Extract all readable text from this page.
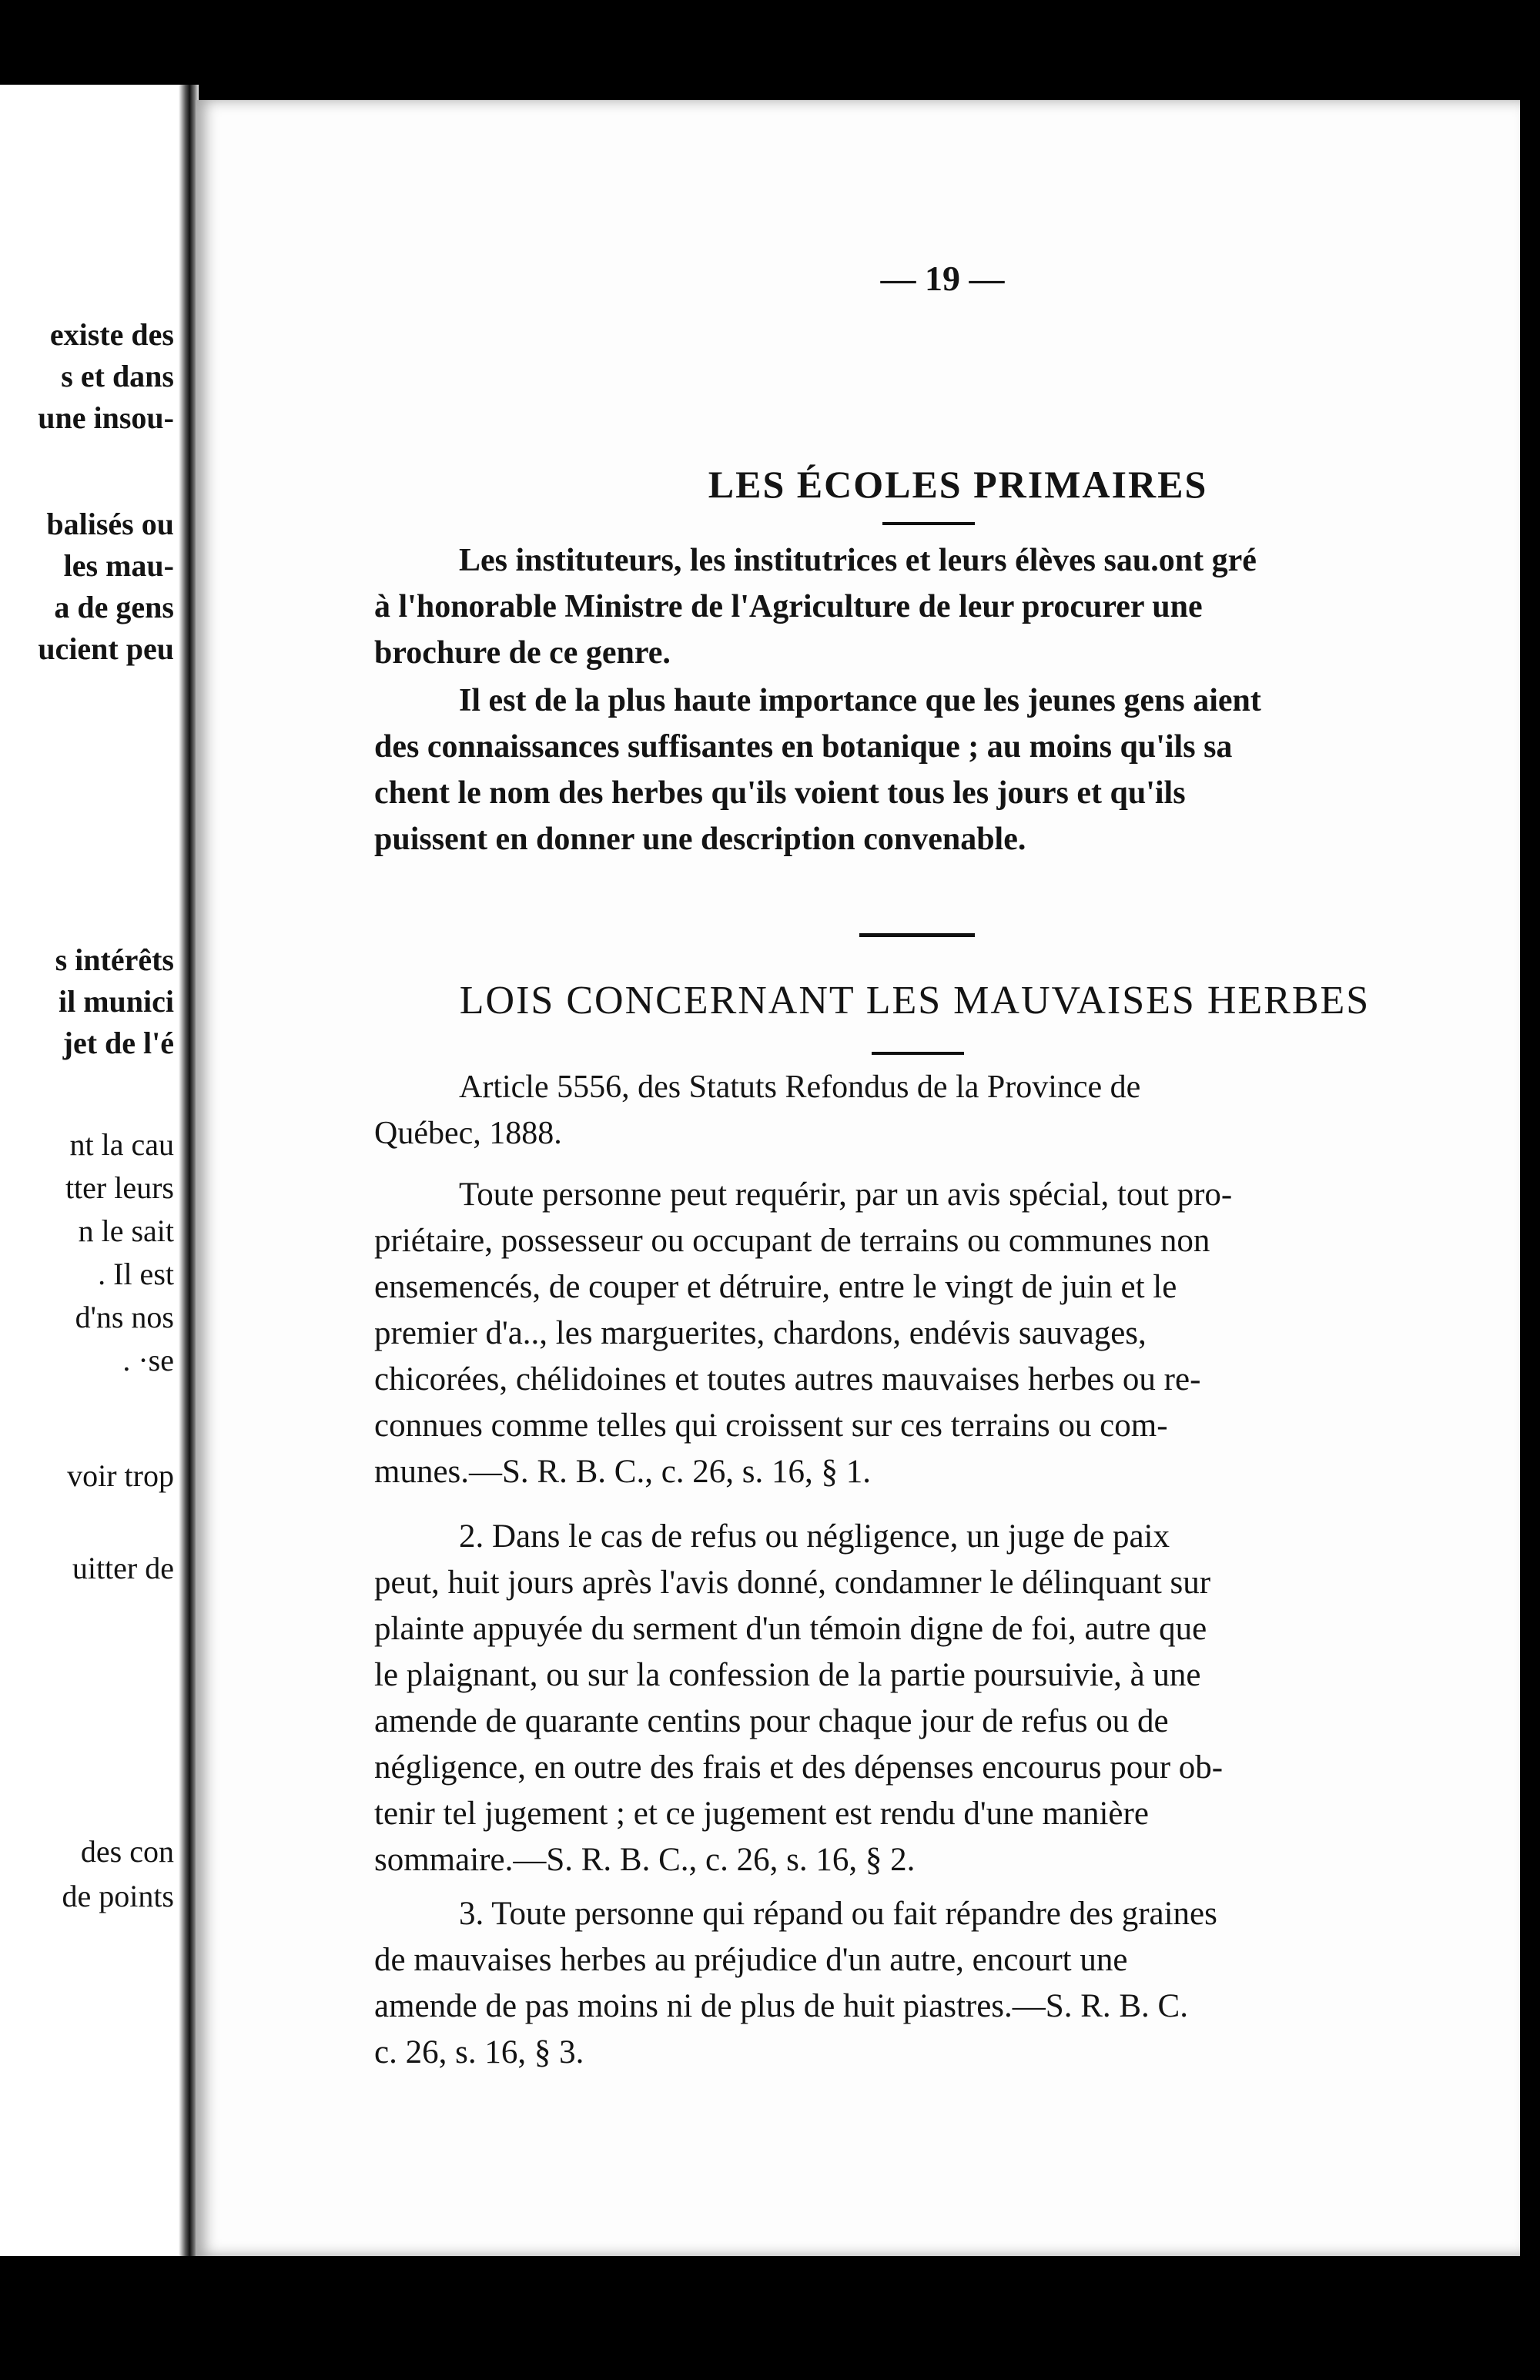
existe des
s et dans
une insou-
balisés ou
les mau-
a de gens
ucient peu
s intérêts
il munici
jet de l'é
nt la cau
tter leurs
n le sait
. Il est
d'ns nos
. ·se
voir trop
uitter de
des con
de points
— 19 —
LES ÉCOLES PRIMAIRES
Les instituteurs, les institutrices et leurs élèves sau.ont gré
à l'honorable Ministre de l'Agriculture de leur procurer une
brochure de ce genre.
Il est de la plus haute importance que les jeunes gens aient
des connaissances suffisantes en botanique ; au moins qu'ils sa
chent le nom des herbes qu'ils voient tous les jours et qu'ils
puissent en donner une description convenable.
LOIS CONCERNANT LES MAUVAISES HERBES
Article 5556, des Statuts Refondus de la Province de
Québec, 1888.
Toute personne peut requérir, par un avis spécial, tout pro-
priétaire, possesseur ou occupant de terrains ou communes non
ensemencés, de couper et détruire, entre le vingt de juin et le
premier d'a.., les marguerites, chardons, endévis sauvages,
chicorées, chélidoines et toutes autres mauvaises herbes ou re-
connues comme telles qui croissent sur ces terrains ou com-
munes.—S. R. B. C., c. 26, s. 16, § 1.
2. Dans le cas de refus ou négligence, un juge de paix
peut, huit jours après l'avis donné, condamner le délinquant sur
plainte appuyée du serment d'un témoin digne de foi, autre que
le plaignant, ou sur la confession de la partie poursuivie, à une
amende de quarante centins pour chaque jour de refus ou de
négligence, en outre des frais et des dépenses encourus pour ob-
tenir tel jugement ; et ce jugement est rendu d'une manière
sommaire.—S. R. B. C., c. 26, s. 16, § 2.
3. Toute personne qui répand ou fait répandre des graines
de mauvaises herbes au préjudice d'un autre, encourt une
amende de pas moins ni de plus de huit piastres.—S. R. B. C.
c. 26, s. 16, § 3.
